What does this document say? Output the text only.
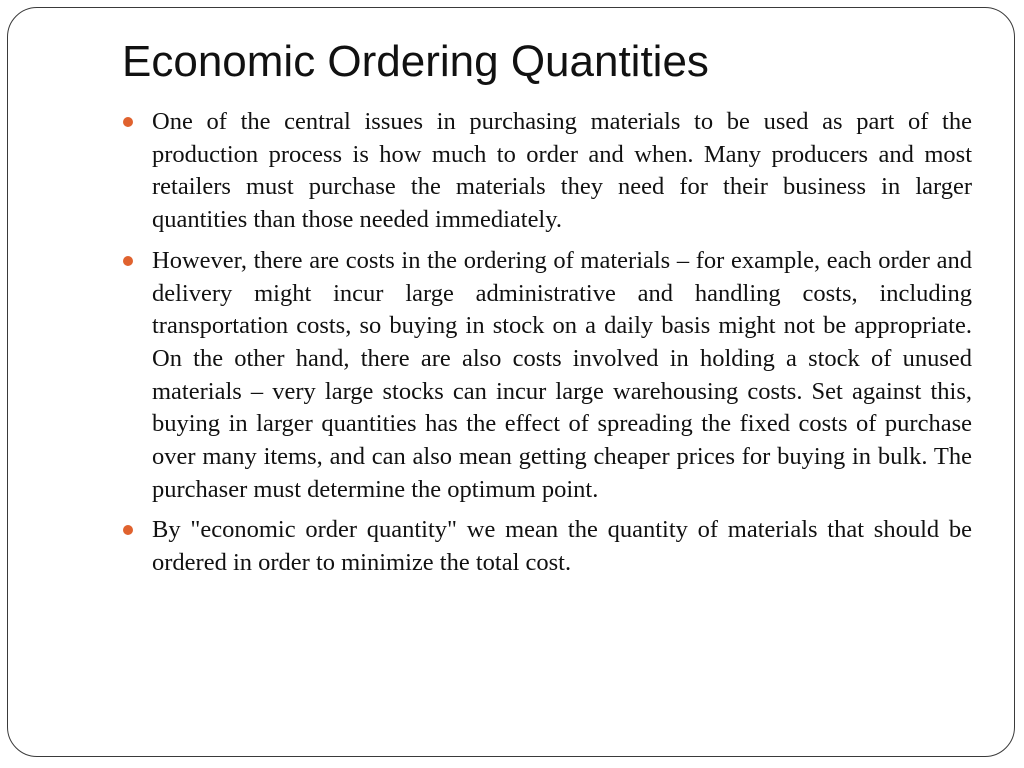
Economic Ordering Quantities

One of the central issues in purchasing materials to be used as part of the production process is how much to order and when. Many producers and most retailers must purchase the materials they need for their business in larger quantities than those needed immediately.

However, there are costs in the ordering of materials – for example, each order and delivery might incur large administrative and handling costs, including transportation costs, so buying in stock on a daily basis might not be appropriate. On the other hand, there are also costs involved in holding a stock of unused materials – very large stocks can incur large warehousing costs. Set against this, buying in larger quantities has the effect of spreading the fixed costs of purchase over many items, and can also mean getting cheaper prices for buying in bulk. The purchaser must determine the optimum point.

By "economic order quantity" we mean the quantity of materials that should be ordered in order to minimize the total cost.
